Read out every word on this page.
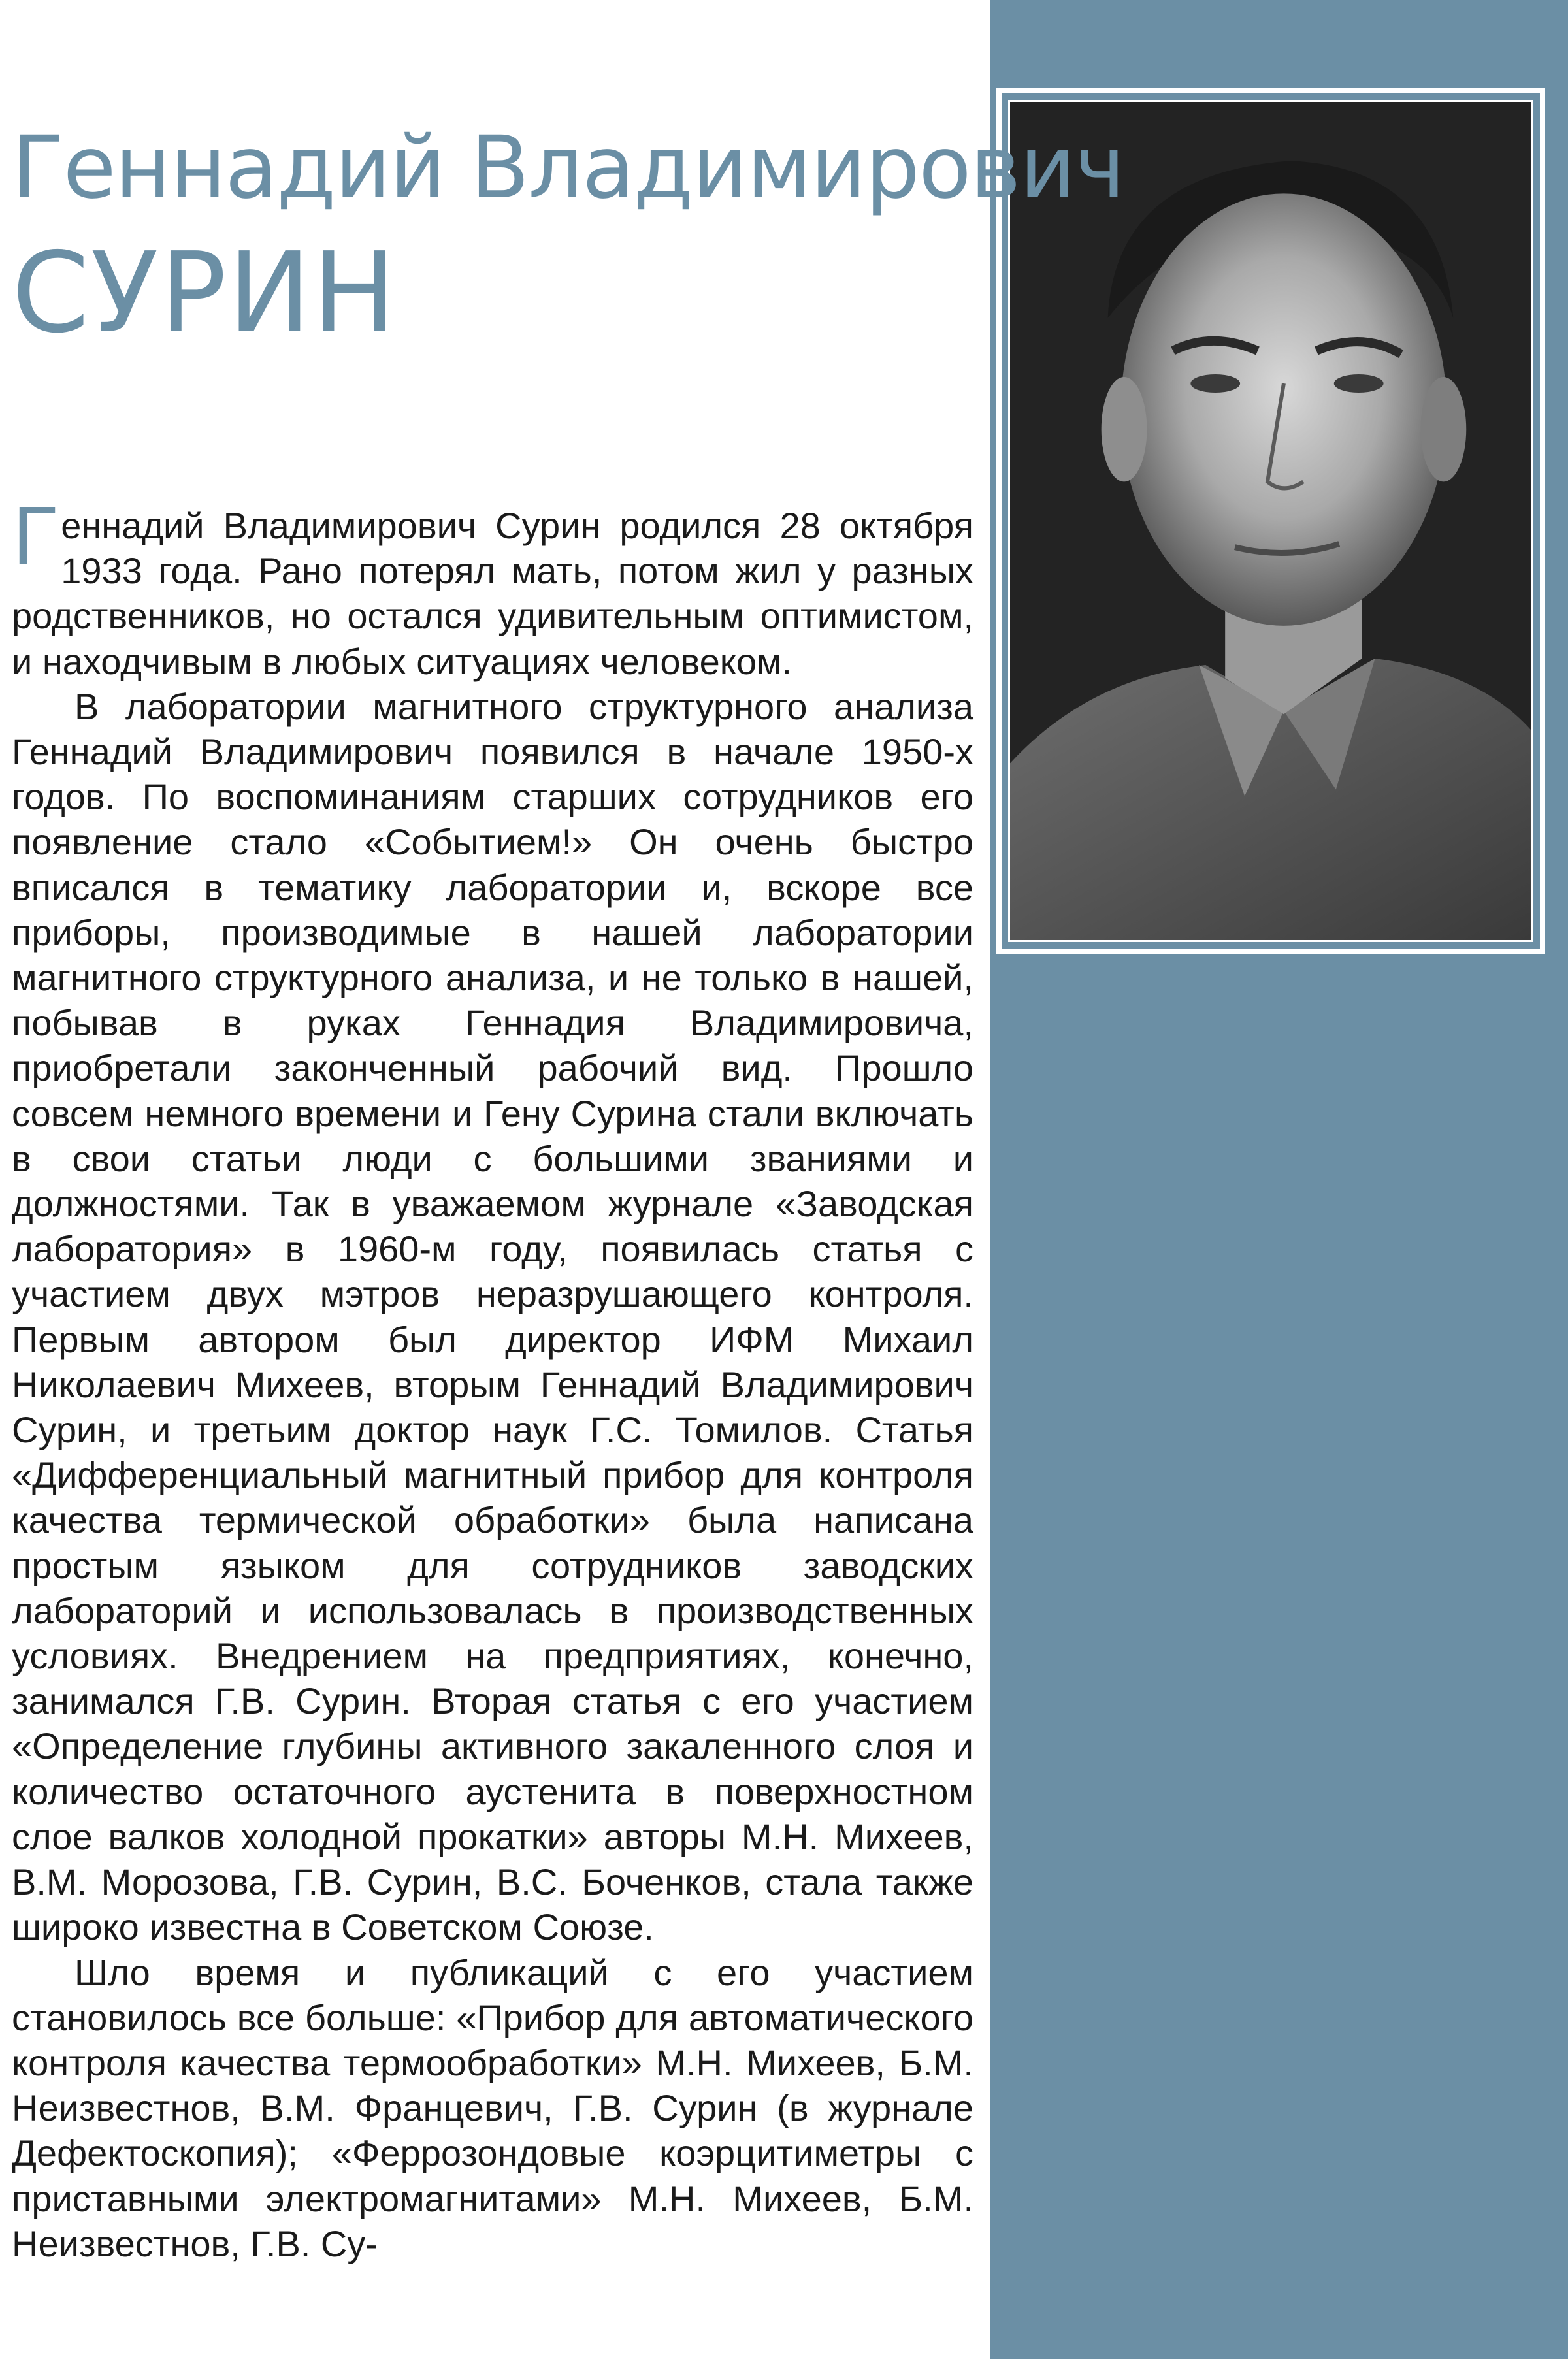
Геннадий Владимирович
СУРИН

Геннадий Владимирович Сурин родился 28 октября 1933 года. Рано потерял мать, потом жил у разных родственников, но остался удивительным оптимистом, и находчивым в любых ситуациях человеком.

В лаборатории магнитного структурного анализа Геннадий Владимирович появился в начале 1950-х годов. По воспоминаниям старших сотрудников его появление стало «Событием!» Он очень быстро вписался в тематику лаборатории и, вскоре все приборы, производимые в нашей лаборатории магнитного структурного анализа, и не только в нашей, побывав в руках Геннадия Владимировича, приобретали законченный рабочий вид. Прошло совсем немного времени и Гену Сурина стали включать в свои статьи люди с большими званиями и должностями. Так в уважаемом журнале «Заводская лаборатория» в 1960-м году, появилась статья с участием двух мэтров неразрушающего контроля. Первым автором был директор ИФМ Михаил Николаевич Михеев, вторым Геннадий Владимирович Сурин, и третьим доктор наук Г.С. Томилов. Статья «Дифференциальный магнитный прибор для контроля качества термической обработки» была написана простым языком для сотрудников заводских лабораторий и использовалась в производственных условиях. Внедрением на предприятиях, конечно, занимался Г.В. Сурин. Вторая статья с его участием «Определение глубины активного закаленного слоя и количество остаточного аустенита в поверхностном слое валков холодной прокатки» авторы М.Н. Михеев, В.М. Морозова, Г.В. Сурин, В.С. Боченков, стала также широко известна в Советском Союзе.

Шло время и публикаций с его участием становилось все больше: «Прибор для автоматического контроля качества термообработки» М.Н. Михеев, Б.М. Неизвестнов, В.М. Францевич, Г.В. Сурин (в журнале Дефектоскопия); «Феррозондовые коэрцитиметры с приставными электромагнитами» М.Н. Михеев, Б.М. Неизвестнов, Г.В. Су-
